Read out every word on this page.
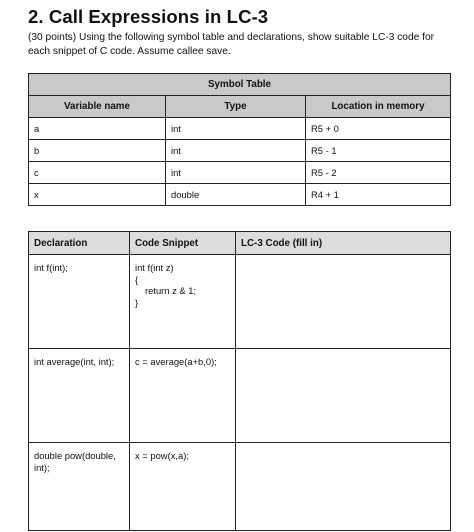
2. Call Expressions in LC-3
(30 points) Using the following symbol table and declarations, show suitable LC-3 code for each snippet of C code. Assume callee save.
Symbol Table		
Variable name	Type	Location in memory
a	int	R5 + 0
b	int	R5 - 1
c	int	R5 - 2
x	double	R4 + 1
Declaration	Code Snippet	LC-3 Code (fill in)
int f(int);	int f(int z)
{
return z & 1;
}	

int average(int, int);	c = average(a+b,0);	

double pow(double, int);	x = pow(x,a);	
